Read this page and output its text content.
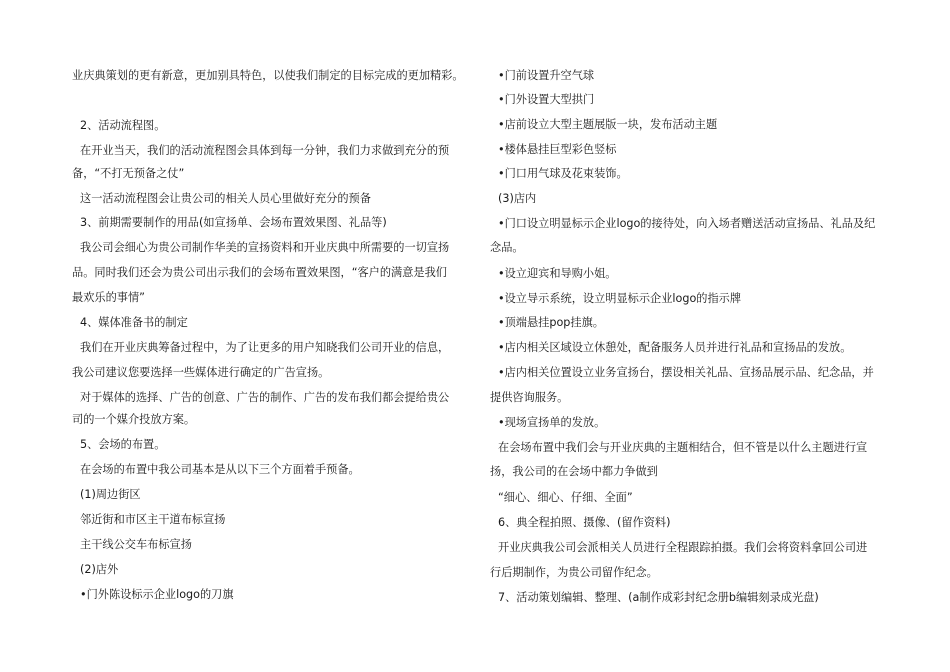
业庆典策划的更有新意，更加别具特色，以使我们制定的目标完成的更加精彩。
2、活动流程图。
在开业当天，我们的活动流程图会具体到每一分钟，我们力求做到充分的预
备，“不打无预备之仗”
这一活动流程图会让贵公司的相关人员心里做好充分的预备
3、前期需要制作的用品(如宣扬单、会场布置效果图、礼品等)
我公司会细心为贵公司制作华美的宣扬资料和开业庆典中所需要的一切宣扬
品。同时我们还会为贵公司出示我们的会场布置效果图，“客户的满意是我们
最欢乐的事情”
4、媒体准备书的制定
我们在开业庆典筹备过程中，为了让更多的用户知晓我们公司开业的信息，
我公司建议您要选择一些媒体进行确定的广告宣扬。
对于媒体的选择、广告的创意、广告的制作、广告的发布我们都会提给贵公
司的一个媒介投放方案。
5、会场的布置。
在会场的布置中我公司基本是从以下三个方面着手预备。
(1)周边街区
邻近街和市区主干道布标宣扬
主干线公交车布标宣扬
(2)店外
•门外陈设标示企业logo的刀旗
•门前设置升空气球
•门外设置大型拱门
•店前设立大型主题展版一块，发布活动主题
•楼体悬挂巨型彩色竖标
•门口用气球及花束装饰。
(3)店内
•门口设立明显标示企业logo的接待处，向入场者赠送活动宣扬品、礼品及纪
念品。
•设立迎宾和导购小姐。
•设立导示系统，设立明显标示企业logo的指示牌
•顶端悬挂pop挂旗。
•店内相关区域设立休憩处，配备服务人员并进行礼品和宣扬品的发放。
•店内相关位置设立业务宣扬台，摆设相关礼品、宣扬品展示品、纪念品，并
提供咨询服务。
•现场宣扬单的发放。
在会场布置中我们会与开业庆典的主题相结合，但不管是以什么主题进行宣
扬，我公司的在会场中都力争做到
“细心、细心、仔细、全面”
6、典全程拍照、摄像、(留作资料)
开业庆典我公司会派相关人员进行全程跟踪拍摄。我们会将资料拿回公司进
行后期制作，为贵公司留作纪念。
7、活动策划编辑、整理、(a制作成彩封纪念册b编辑刻录成光盘)
